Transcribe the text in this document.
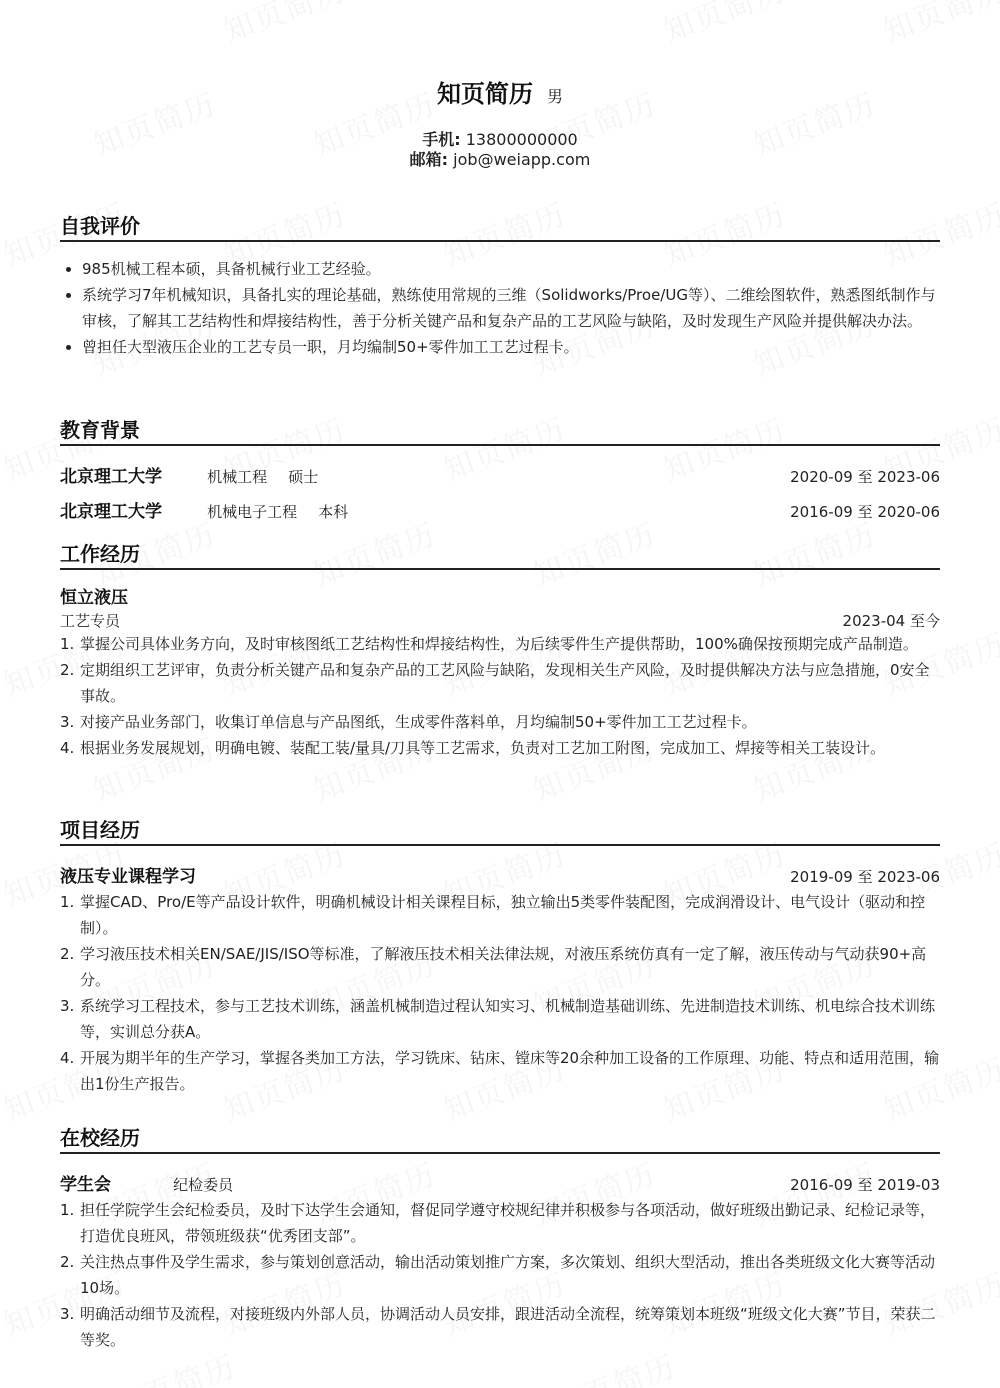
知页简历 男
手机: 13800000000
邮箱: job@weiapp.com
自我评价
985机械工程本硕，具备机械行业工艺经验。
系统学习7年机械知识，具备扎实的理论基础，熟练使用常规的三维（Solidworks/Proe/UG等）、二维绘图软件，熟悉图纸制作与审核，了解其工艺结构性和焊接结构性，善于分析关键产品和复杂产品的工艺风险与缺陷，及时发现生产风险并提供解决办法。
曾担任大型液压企业的工艺专员一职，月均编制50+零件加工工艺过程卡。
教育背景
北京理工大学	机械工程 硕士	2020-09 至 2023-06
北京理工大学	机械电子工程 本科	2016-09 至 2020-06
工作经历
恒立液压
工艺专员	2023-04 至今
掌握公司具体业务方向，及时审核图纸工艺结构性和焊接结构性，为后续零件生产提供帮助，100%确保按预期完成产品制造。
定期组织工艺评审，负责分析关键产品和复杂产品的工艺风险与缺陷，发现相关生产风险，及时提供解决方法与应急措施，0安全事故。
对接产品业务部门，收集订单信息与产品图纸，生成零件落料单，月均编制50+零件加工工艺过程卡。
根据业务发展规划，明确电镀、装配工装/量具/刀具等工艺需求，负责对工艺加工附图，完成加工、焊接等相关工装设计。
项目经历
液压专业课程学习	2019-09 至 2023-06
掌握CAD、Pro/E等产品设计软件，明确机械设计相关课程目标，独立输出5类零件装配图，完成润滑设计、电气设计（驱动和控制）。
学习液压技术相关EN/SAE/JIS/ISO等标准，了解液压技术相关法律法规，对液压系统仿真有一定了解，液压传动与气动获90+高分。
系统学习工程技术，参与工艺技术训练，涵盖机械制造过程认知实习、机械制造基础训练、先进制造技术训练、机电综合技术训练等，实训总分获A。
开展为期半年的生产学习，掌握各类加工方法，学习铣床、钻床、镗床等20余种加工设备的工作原理、功能、特点和适用范围，输出1份生产报告。
在校经历
学生会	纪检委员	2016-09 至 2019-03
担任学院学生会纪检委员，及时下达学生会通知，督促同学遵守校规纪律并积极参与各项活动，做好班级出勤记录、纪检记录等，打造优良班风，带领班级获“优秀团支部”。
关注热点事件及学生需求，参与策划创意活动，输出活动策划推广方案，多次策划、组织大型活动，推出各类班级文化大赛等活动10场。
明确活动细节及流程，对接班级内外部人员，协调活动人员安排，跟进活动全流程，统筹策划本班级“班级文化大赛”节目，荣获二等奖。
